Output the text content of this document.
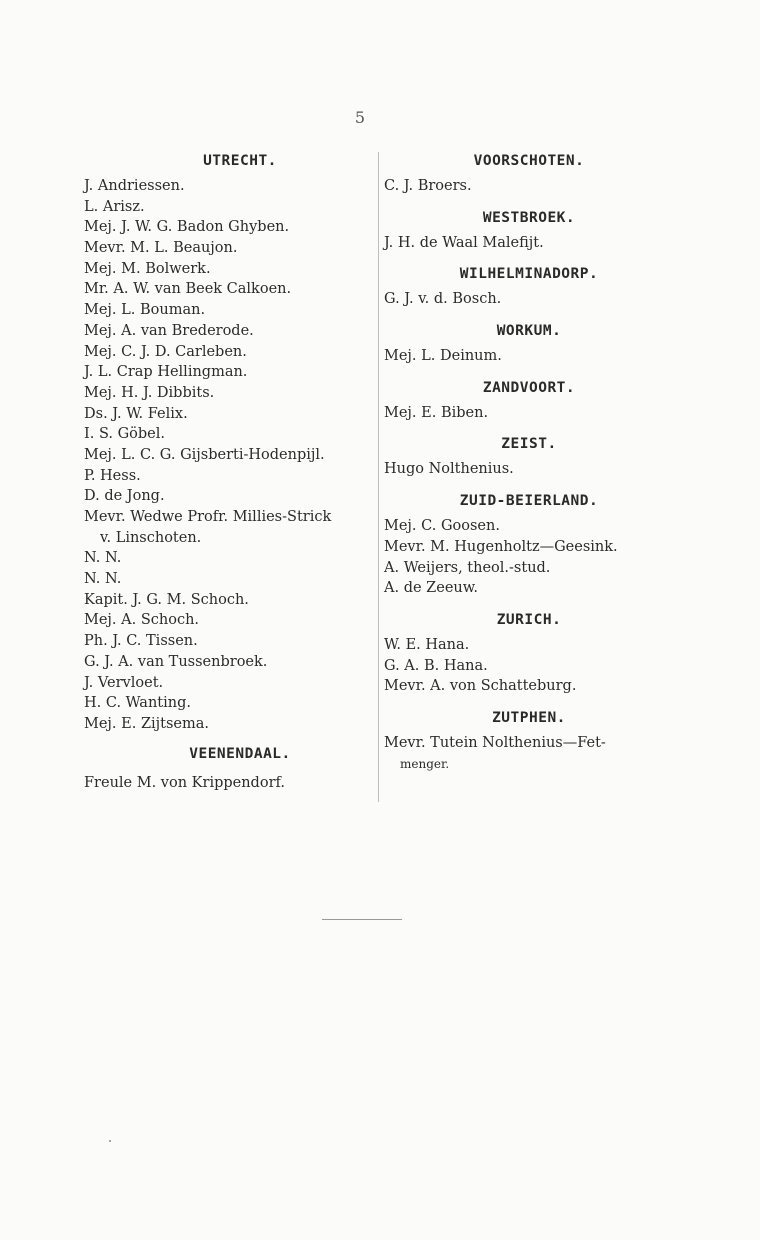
5
UTRECHT.
J. Andriessen.
L. Arisz.
Mej. J. W. G. Badon Ghyben.
Mevr. M. L. Beaujon.
Mej. M. Bolwerk.
Mr. A. W. van Beek Calkoen.
Mej. L. Bouman.
Mej. A. van Brederode.
Mej. C. J. D. Carleben.
J. L. Crap Hellingman.
Mej. H. J. Dibbits.
Ds. J. W. Felix.
I. S. Göbel.
Mej. L. C. G. Gijsberti-Hodenpijl.
P. Hess.
D. de Jong.
Mevr. Wedwe Profr. Millies-Strick
v. Linschoten.
N. N.
N. N.
Kapit. J. G. M. Schoch.
Mej. A. Schoch.
Ph. J. C. Tissen.
G. J. A. van Tussenbroek.
J. Vervloet.
H. C. Wanting.
Mej. E. Zijtsema.
VEENENDAAL.
Freule M. von Krippendorf.
VOORSCHOTEN.
C. J. Broers.
WESTBROEK.
J. H. de Waal Malefijt.
WILHELMINADORP.
G. J. v. d. Bosch.
WORKUM.
Mej. L. Deinum.
ZANDVOORT.
Mej. E. Biben.
ZEIST.
Hugo Nolthenius.
ZUID-BEIERLAND.
Mej. C. Goosen.
Mevr. M. Hugenholtz—Geesink.
A. Weijers, theol.-stud.
A. de Zeeuw.
ZURICH.
W. E. Hana.
G. A. B. Hana.
Mevr. A. von Schatteburg.
ZUTPHEN.
Mevr. Tutein Nolthenius—Fet-
menger.
